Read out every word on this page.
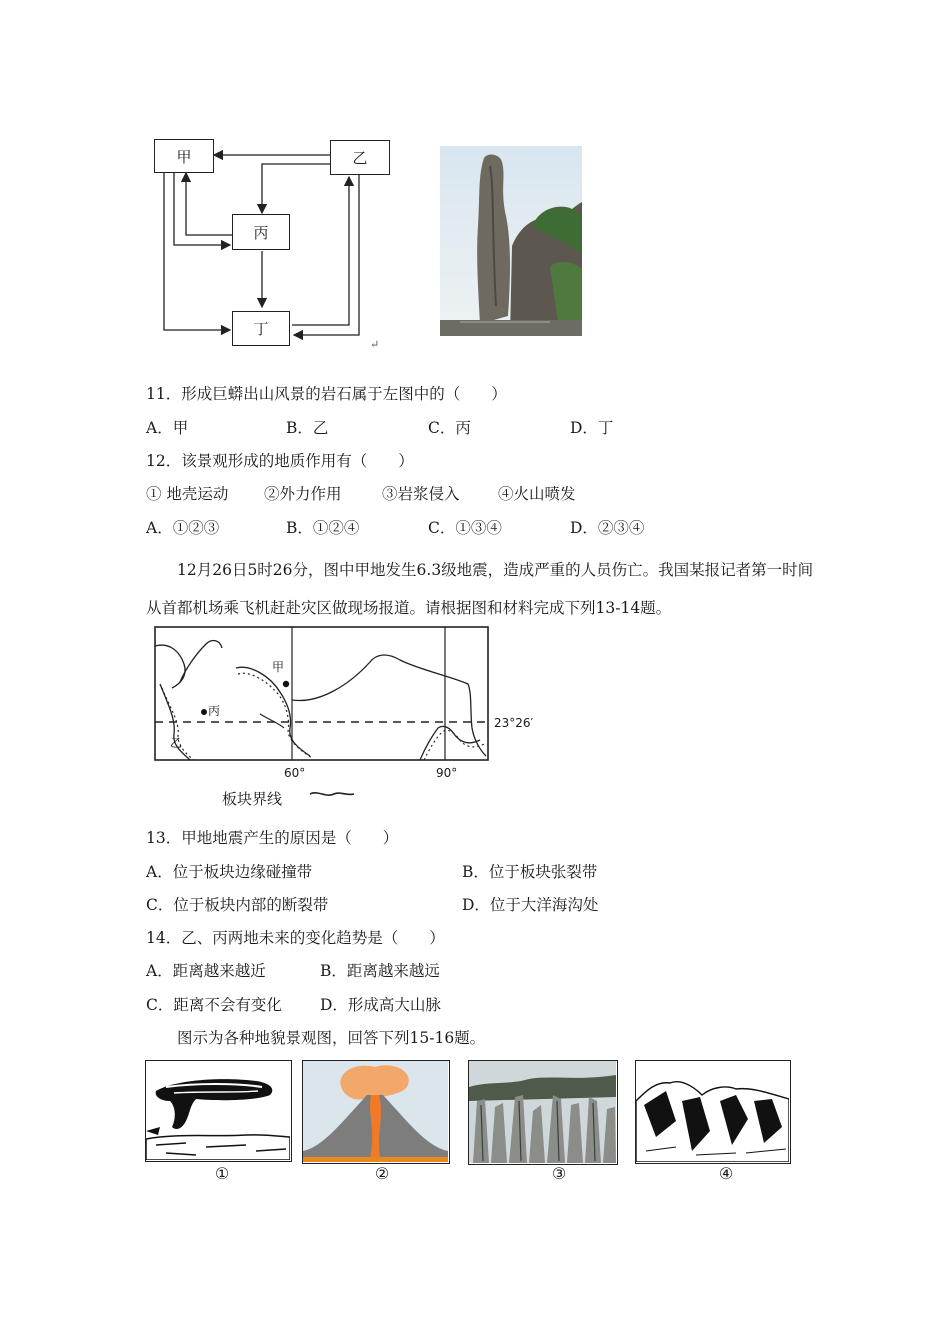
甲	乙
丙
丁
↵
11．形成巨蟒出山风景的岩石属于左图中的（　　）
A．甲	B．乙	C．丙	D．丁
12．该景观形成的地质作用有（　　）
① 地壳运动 ②外力作用	③岩浆侵入 ④火山喷发
A．①②③	B．①②④	C．①③④	D．②③④
12月26日5时26分，图中甲地发生6.3级地震，造成严重的人员伤亡。我国某报记者第一时间从首都机场乘飞机赶赴灾区做现场报道。请根据图和材料完成下列13-14题。
甲
丙
乙
23°26′
60°	90°
板块界线
13．甲地地震产生的原因是（　　）
A．位于板块边缘碰撞带	B．位于板块张裂带
C．位于板块内部的断裂带	D．位于大洋海沟处
14．乙、丙两地未来的变化趋势是（　　）
A．距离越来越近	B．距离越来越远
C．距离不会有变化 D．形成高大山脉
图示为各种地貌景观图，回答下列15-16题。
①	②	③	④
